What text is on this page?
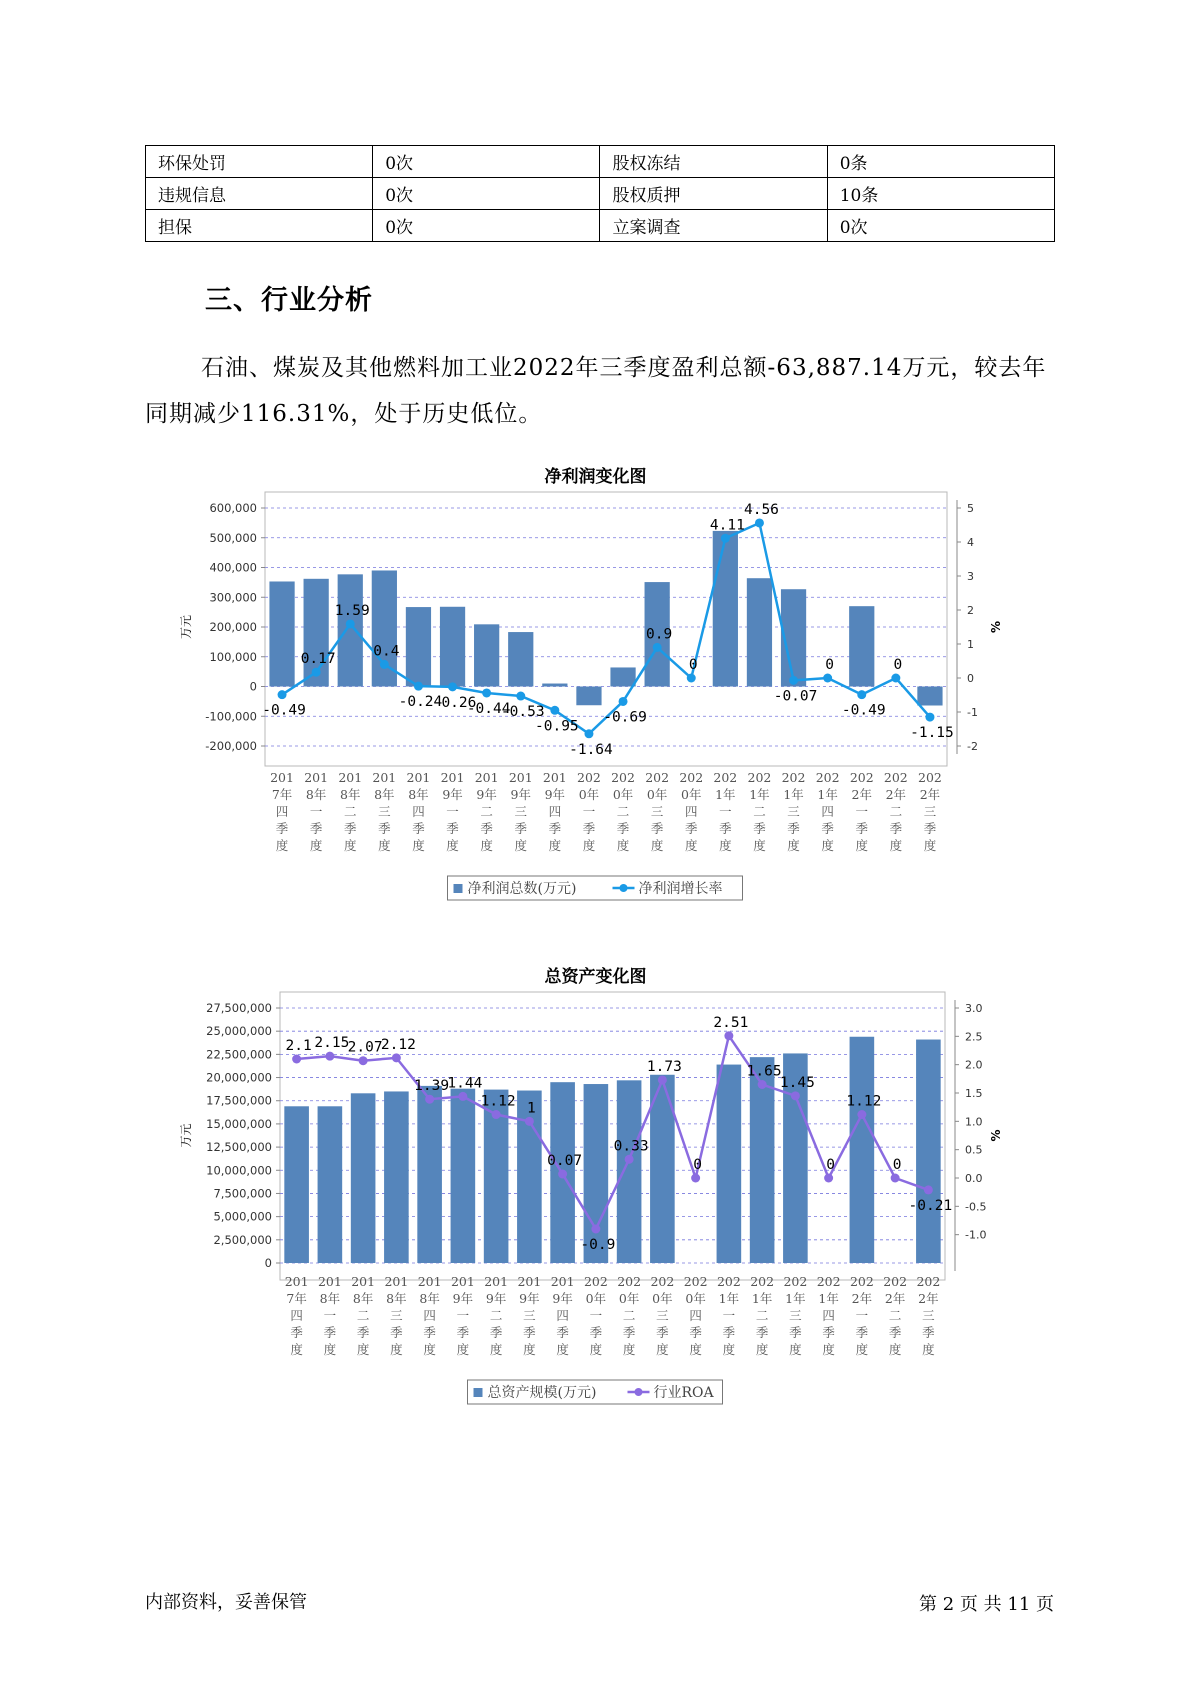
环保处罚	0次	股权冻结	0条
违规信息	0次	股权质押	10条
担保	0次	立案调查	0次
三、行业分析
石油、煤炭及其他燃料加工业2022年三季度盈利总额-63,887.14万元，较去年同期减少116.31%，处于历史低位。
净利润变化图
600,000
500,000
400,000
300,000
200,000
100,000
0
-100,000
-200,000
5
4
3
2
1
0
-1
-2
万元	%
-0.49
0.17
1.59
0.4
-0.24
-0.26
-0.44
-0.53
-0.95
-1.64
-0.69
0.9
0
4.11
4.56
-0.07
0
-0.49
0
-1.15
201
7年
四
季
度
201
8年
一
季
度
201
8年
二
季
度
201
8年
三
季
度
201
8年
四
季
度
201
9年
一
季
度
201
9年
二
季
度
201
9年
三
季
度
201
9年
四
季
度
202
0年
一
季
度
202
0年
二
季
度
202
0年
三
季
度
202
0年
四
季
度
202
1年
一
季
度
202
1年
二
季
度
202
1年
三
季
度
202
1年
四
季
度
202
2年
一
季
度
202
2年
二
季
度
202
2年
三
季
度
净利润总数(万元)	净利润增长率
总资产变化图
27,500,000
25,000,000
22,500,000
20,000,000
17,500,000
15,000,000
12,500,000
10,000,000
7,500,000
5,000,000
2,500,000
0
3.0
2.5
2.0
1.5
1.0
0.5
0.0
-0.5
-1.0
万元	%
2.1 2.15
2.07
2.12
1.39
1.44
1.12 1
0.07
-0.9
0.33
1.73
0
2.51
1.65
1.45
0
1.12
0
-0.21
201
7年
四
季
度
201
8年
一
季
度
201
8年
二
季
度
201
8年
三
季
度
201
8年
四
季
度
201
9年
一
季
度
201
9年
二
季
度
201
9年
三
季
度
201
9年
四
季
度
202
0年
一
季
度
202
0年
二
季
度
202
0年
三
季
度
202
0年
四
季
度
202
1年
一
季
度
202
1年
二
季
度
202
1年
三
季
度
202
1年
四
季
度
202
2年
一
季
度
202
2年
二
季
度
202
2年
三
季
度
总资产规模(万元)	行业ROA
内部资料，妥善保管	第 2 页 共 11 页
